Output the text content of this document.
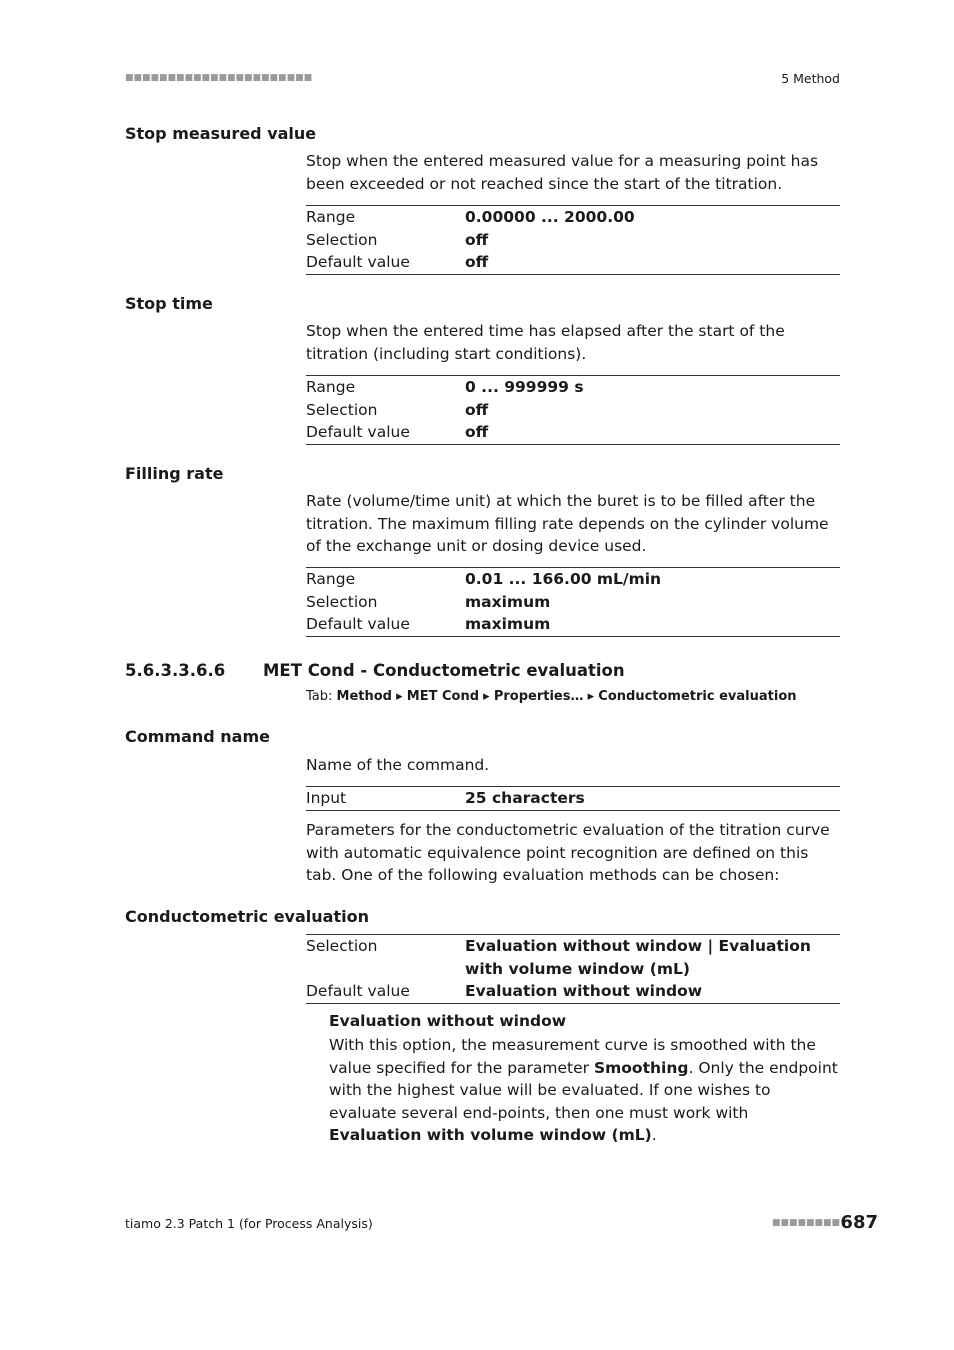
■■■■■■■■■■■■■■■■■■■■■■	5 Method
Stop measured value
Stop when the entered measured value for a measuring point has been exceeded or not reached since the start of the titration.
Range	0.00000 ... 2000.00
Selection	off
Default value	off
Stop time
Stop when the entered time has elapsed after the start of the titration (including start conditions).
Range	0 ... 999999 s
Selection	off
Default value	off
Filling rate
Rate (volume/time unit) at which the buret is to be filled after the titration. The maximum filling rate depends on the cylinder volume of the exchange unit or dosing device used.
Range	0.01 ... 166.00 mL/min
Selection	maximum
Default value	maximum
5.6.3.3.6.6 MET Cond - Conductometric evaluation
Tab: Method ▸ MET Cond ▸ Properties… ▸ Conductometric evaluation
Command name
Name of the command.
Input	25 characters
Parameters for the conductometric evaluation of the titration curve with automatic equivalence point recognition are defined on this tab. One of the following evaluation methods can be chosen:
Conductometric evaluation
Selection	Evaluation without window | Evaluation with volume window (mL)
Default value	Evaluation without window
Evaluation without window
With this option, the measurement curve is smoothed with the value specified for the parameter Smoothing. Only the endpoint with the highest value will be evaluated. If one wishes to evaluate several end-points, then one must work with Evaluation with volume window (mL).
tiamo 2.3 Patch 1 (for Process Analysis)	■■■■■■■■ 687
